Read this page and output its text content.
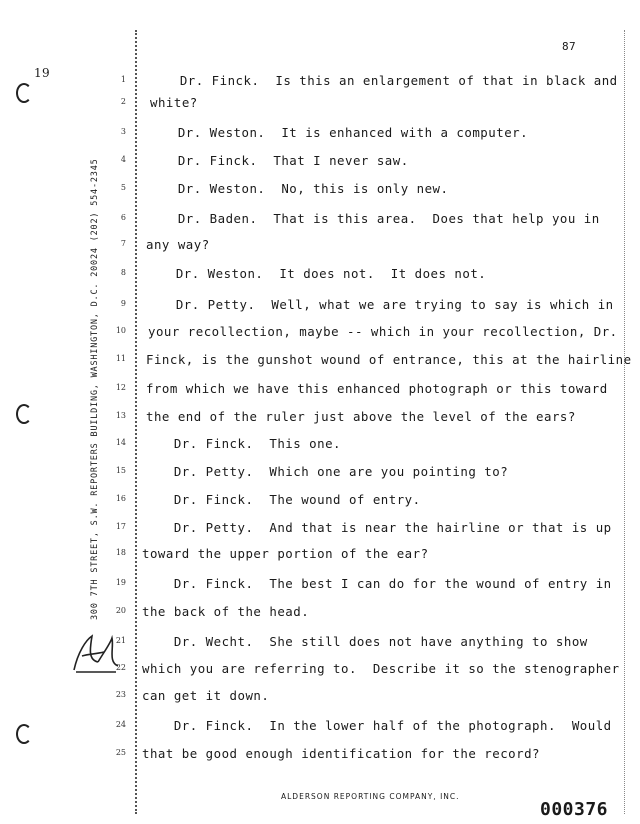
19
87
300 7TH STREET, S.W. REPORTERS BUILDING, WASHINGTON, D.C. 20024 (202) 554-2345
1
2
3
4
5
6
7
8
9
10
11
12
13
14
15
16
17
18
19
20
21
22
23
24
25
Dr. Finck.  Is this an enlargement of that in black and
white?
Dr. Weston.  It is enhanced with a computer.
Dr. Finck.  That I never saw.
Dr. Weston.  No, this is only new.
Dr. Baden.  That is this area.  Does that help you in
any way?
Dr. Weston.  It does not.  It does not.
Dr. Petty.  Well, what we are trying to say is which in
your recollection, maybe -- which in your recollection, Dr.
Finck, is the gunshot wound of entrance, this at the hairline
from which we have this enhanced photograph or this toward
the end of the ruler just above the level of the ears?
Dr. Finck.  This one.
Dr. Petty.  Which one are you pointing to?
Dr. Finck.  The wound of entry.
Dr. Petty.  And that is near the hairline or that is up
toward the upper portion of the ear?
Dr. Finck.  The best I can do for the wound of entry in
the back of the head.
Dr. Wecht.  She still does not have anything to show
which you are referring to.  Describe it so the stenographer
can get it down.
Dr. Finck.  In the lower half of the photograph.  Would
that be good enough identification for the record?
ALDERSON REPORTING COMPANY, INC.
000376
